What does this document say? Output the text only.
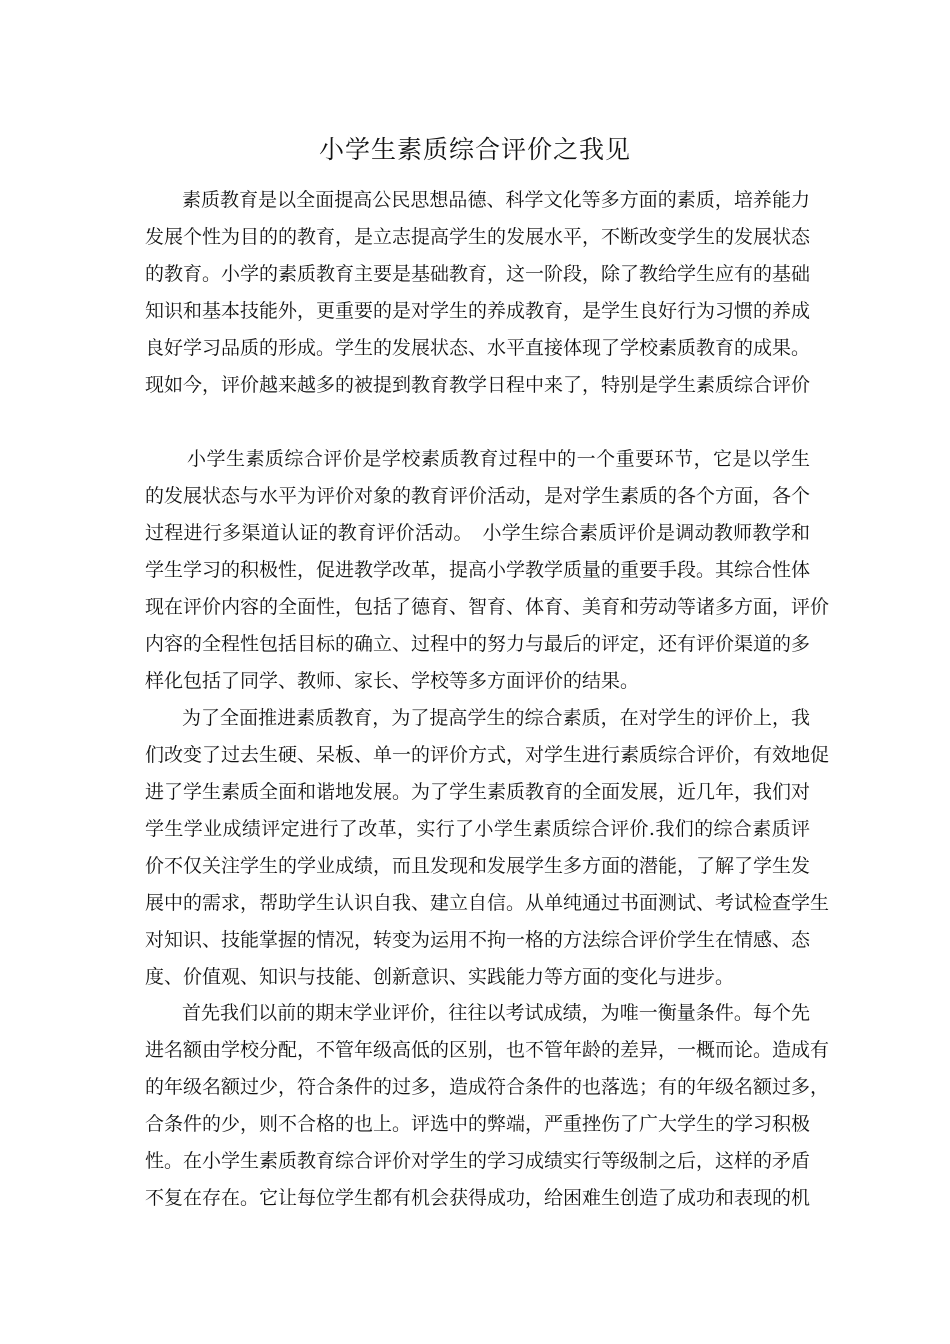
小学生素质综合评价之我见
素质教育是以全面提高公民思想品德、科学文化等多方面的素质，培养能力
发展个性为目的的教育，是立志提高学生的发展水平，不断改变学生的发展状态
的教育。小学的素质教育主要是基础教育，这一阶段，除了教给学生应有的基础
知识和基本技能外，更重要的是对学生的养成教育，是学生良好行为习惯的养成
良好学习品质的形成。学生的发展状态、水平直接体现了学校素质教育的成果。
现如今，评价越来越多的被提到教育教学日程中来了，特别是学生素质综合评价
小学生素质综合评价是学校素质教育过程中的一个重要环节，它是以学生
的发展状态与水平为评价对象的教育评价活动，是对学生素质的各个方面，各个
过程进行多渠道认证的教育评价活动。　小学生综合素质评价是调动教师教学和
学生学习的积极性，促进教学改革，提高小学教学质量的重要手段。其综合性体
现在评价内容的全面性，包括了德育、智育、体育、美育和劳动等诸多方面，评价
内容的全程性包括目标的确立、过程中的努力与最后的评定，还有评价渠道的多
样化包括了同学、教师、家长、学校等多方面评价的结果。
为了全面推进素质教育，为了提高学生的综合素质，在对学生的评价上，我
们改变了过去生硬、呆板、单一的评价方式，对学生进行素质综合评价，有效地促
进了学生素质全面和谐地发展。为了学生素质教育的全面发展，近几年，我们对
学生学业成绩评定进行了改革，实行了小学生素质综合评价.我们的综合素质评
价不仅关注学生的学业成绩，而且发现和发展学生多方面的潜能，了解了学生发
展中的需求，帮助学生认识自我、建立自信。从单纯通过书面测试、考试检查学生
对知识、技能掌握的情况，转变为运用不拘一格的方法综合评价学生在情感、态
度、价值观、知识与技能、创新意识、实践能力等方面的变化与进步。
首先我们以前的期末学业评价，往往以考试成绩，为唯一衡量条件。每个先
进名额由学校分配，不管年级高低的区别，也不管年龄的差异，一概而论。造成有
的年级名额过少，符合条件的过多，造成符合条件的也落选；有的年级名额过多，
合条件的少，则不合格的也上。评选中的弊端，严重挫伤了广大学生的学习积极
性。在小学生素质教育综合评价对学生的学习成绩实行等级制之后，这样的矛盾
不复在存在。它让每位学生都有机会获得成功，给困难生创造了成功和表现的机
